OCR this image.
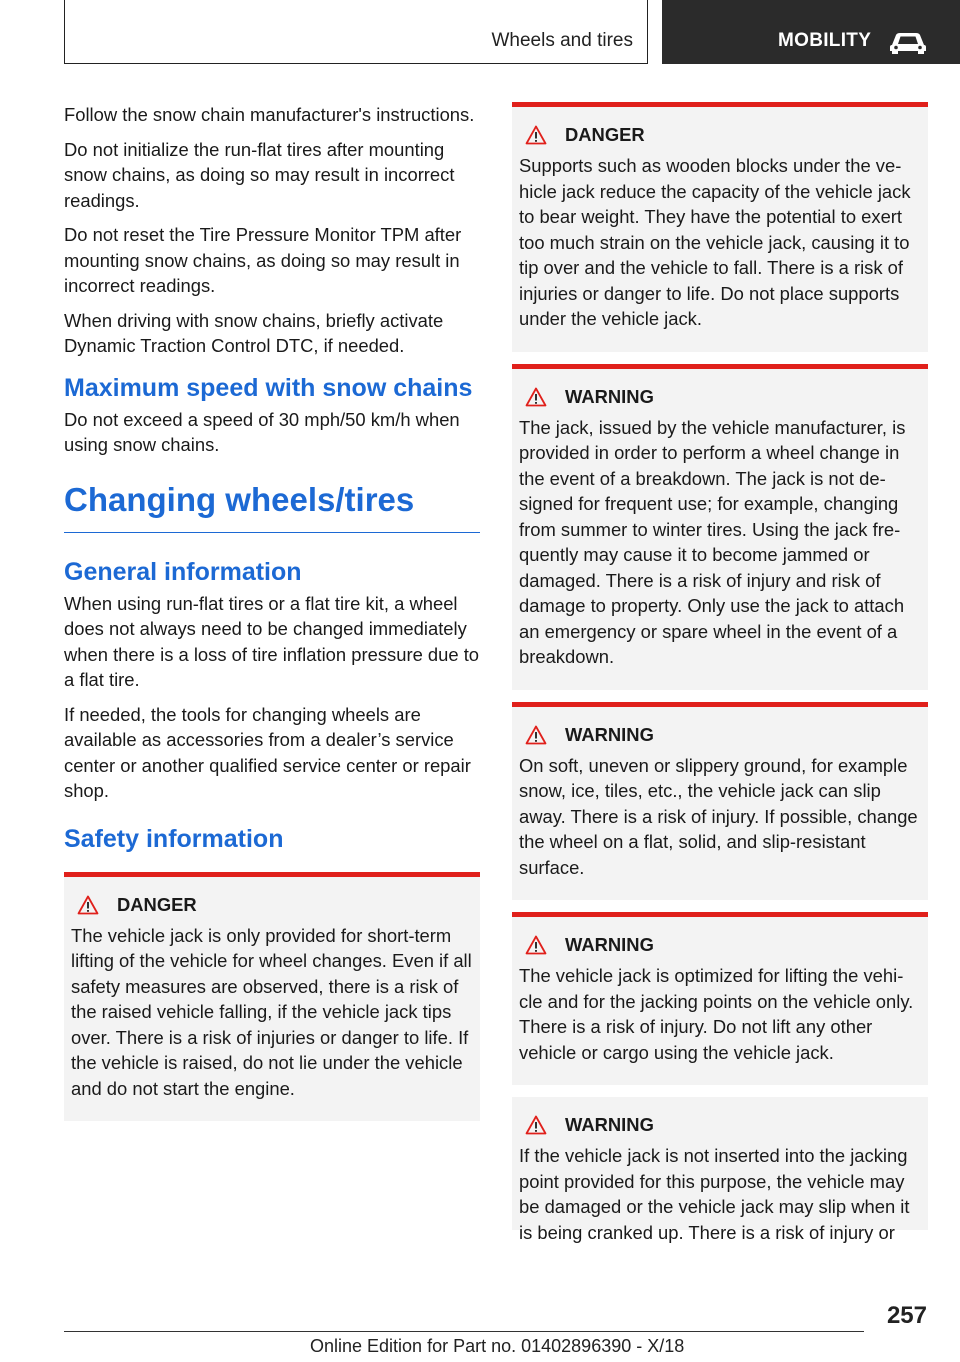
Wheels and tires	MOBILITY

Follow the snow chain manufacturer's instructions.

Do not initialize the run-flat tires after mounting snow chains, as doing so may result in incorrect readings.

Do not reset the Tire Pressure Monitor TPM after mounting snow chains, as doing so may result in incorrect readings.

When driving with snow chains, briefly activate Dynamic Traction Control DTC, if needed.

Maximum speed with snow chains

Do not exceed a speed of 30 mph/50 km/h when using snow chains.

Changing wheels/tires
General information

When using run-flat tires or a flat tire kit, a wheel does not always need to be changed immediately when there is a loss of tire inflation pressure due to a flat tire.

If needed, the tools for changing wheels are available as accessories from a dealer’s service center or another qualified service center or repair shop.

Safety information
DANGER

The vehicle jack is only provided for short-term lifting of the vehicle for wheel changes. Even if all safety measures are observed, there is a risk of the raised vehicle falling, if the vehicle jack tips over. There is a risk of injuries or danger to life. If the vehicle is raised, do not lie under the vehicle and do not start the engine.

DANGER

Supports such as wooden blocks under the vehicle jack reduce the capacity of the vehicle jack to bear weight. They have the potential to exert too much strain on the vehicle jack, causing it to tip over and the vehicle to fall. There is a risk of injuries or danger to life. Do not place supports under the vehicle jack.

WARNING

The jack, issued by the vehicle manufacturer, is provided in order to perform a wheel change in the event of a breakdown. The jack is not designed for frequent use; for example, changing from summer to winter tires. Using the jack frequently may cause it to become jammed or damaged. There is a risk of injury and risk of damage to property. Only use the jack to attach an emergency or spare wheel in the event of a breakdown.

WARNING

On soft, uneven or slippery ground, for example snow, ice, tiles, etc., the vehicle jack can slip away. There is a risk of injury. If possible, change the wheel on a flat, solid, and slip-resistant surface.

WARNING

The vehicle jack is optimized for lifting the vehicle and for the jacking points on the vehicle only. There is a risk of injury. Do not lift any other vehicle or cargo using the vehicle jack.

WARNING

If the vehicle jack is not inserted into the jacking point provided for this purpose, the vehicle may be damaged or the vehicle jack may slip when it is being cranked up. There is a risk of injury or

257
Online Edition for Part no. 01402896390 - X/18
